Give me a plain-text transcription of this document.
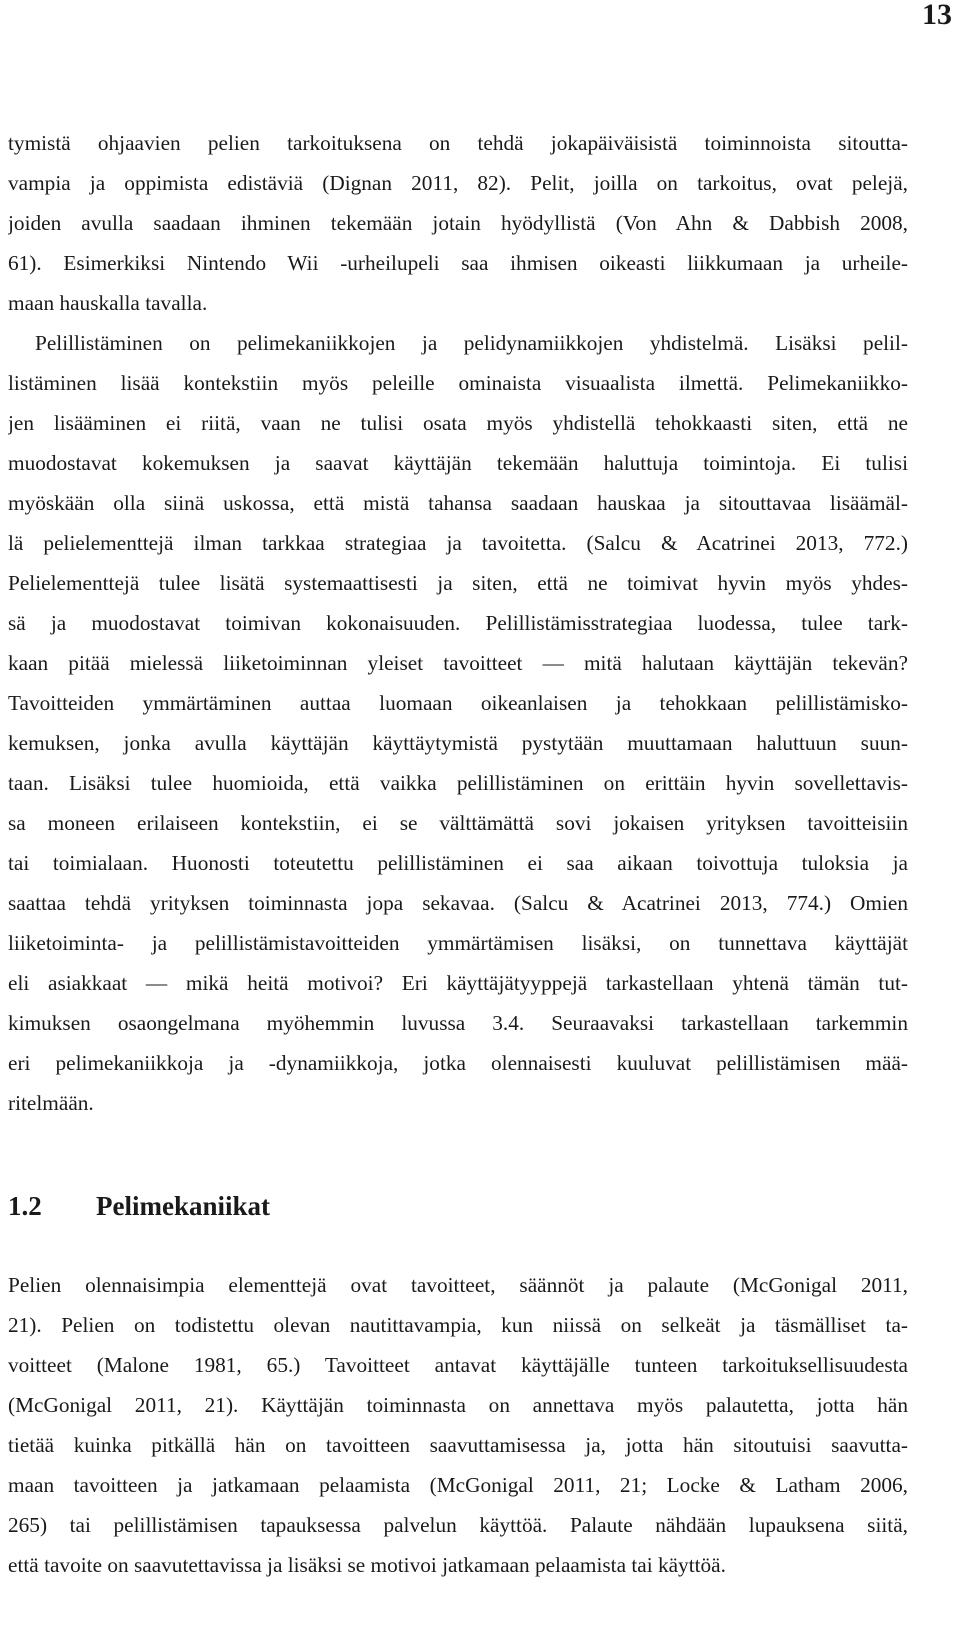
13
tymistä ohjaavien pelien tarkoituksena on tehdä jokapäiväisistä toiminnoista sitoutta-
vampia ja oppimista edistäviä (Dignan 2011, 82). Pelit, joilla on tarkoitus, ovat pelejä,
joiden avulla saadaan ihminen tekemään jotain hyödyllistä (Von Ahn & Dabbish 2008,
61). Esimerkiksi Nintendo Wii -urheilupeli saa ihmisen oikeasti liikkumaan ja urheile-
maan hauskalla tavalla.
Pelillistäminen on pelimekaniikkojen ja pelidynamiikkojen yhdistelmä. Lisäksi pelil-
listäminen lisää kontekstiin myös peleille ominaista visuaalista ilmettä. Pelimekaniikko-
jen lisääminen ei riitä, vaan ne tulisi osata myös yhdistellä tehokkaasti siten, että ne
muodostavat kokemuksen ja saavat käyttäjän tekemään haluttuja toimintoja. Ei tulisi
myöskään olla siinä uskossa, että mistä tahansa saadaan hauskaa ja sitouttavaa lisäämäl-
lä pelielementtejä ilman tarkkaa strategiaa ja tavoitetta. (Salcu & Acatrinei 2013, 772.)
Pelielementtejä tulee lisätä systemaattisesti ja siten, että ne toimivat hyvin myös yhdes-
sä ja muodostavat toimivan kokonaisuuden. Pelillistämisstrategiaa luodessa, tulee tark-
kaan pitää mielessä liiketoiminnan yleiset tavoitteet — mitä halutaan käyttäjän tekevän?
Tavoitteiden ymmärtäminen auttaa luomaan oikeanlaisen ja tehokkaan pelillistämisko-
kemuksen, jonka avulla käyttäjän käyttäytymistä pystytään muuttamaan haluttuun suun-
taan. Lisäksi tulee huomioida, että vaikka pelillistäminen on erittäin hyvin sovellettavis-
sa moneen erilaiseen kontekstiin, ei se välttämättä sovi jokaisen yrityksen tavoitteisiin
tai toimialaan. Huonosti toteutettu pelillistäminen ei saa aikaan toivottuja tuloksia ja
saattaa tehdä yrityksen toiminnasta jopa sekavaa. (Salcu & Acatrinei 2013, 774.) Omien
liiketoiminta- ja pelillistämistavoitteiden ymmärtämisen lisäksi, on tunnettava käyttäjät
eli asiakkaat — mikä heitä motivoi? Eri käyttäjätyyppejä tarkastellaan yhtenä tämän tut-
kimuksen osaongelmana myöhemmin luvussa 3.4. Seuraavaksi tarkastellaan tarkemmin
eri pelimekaniikkoja ja -dynamiikkoja, jotka olennaisesti kuuluvat pelillistämisen mää-
ritelmään.
1.2 Pelimekaniikat
Pelien olennaisimpia elementtejä ovat tavoitteet, säännöt ja palaute (McGonigal 2011,
21). Pelien on todistettu olevan nautittavampia, kun niissä on selkeät ja täsmälliset ta-
voitteet (Malone 1981, 65.) Tavoitteet antavat käyttäjälle tunteen tarkoituksellisuudesta
(McGonigal 2011, 21). Käyttäjän toiminnasta on annettava myös palautetta, jotta hän
tietää kuinka pitkällä hän on tavoitteen saavuttamisessa ja, jotta hän sitoutuisi saavutta-
maan tavoitteen ja jatkamaan pelaamista (McGonigal 2011, 21; Locke & Latham 2006,
265) tai pelillistämisen tapauksessa palvelun käyttöä. Palaute nähdään lupauksena siitä,
että tavoite on saavutettavissa ja lisäksi se motivoi jatkamaan pelaamista tai käyttöä.
